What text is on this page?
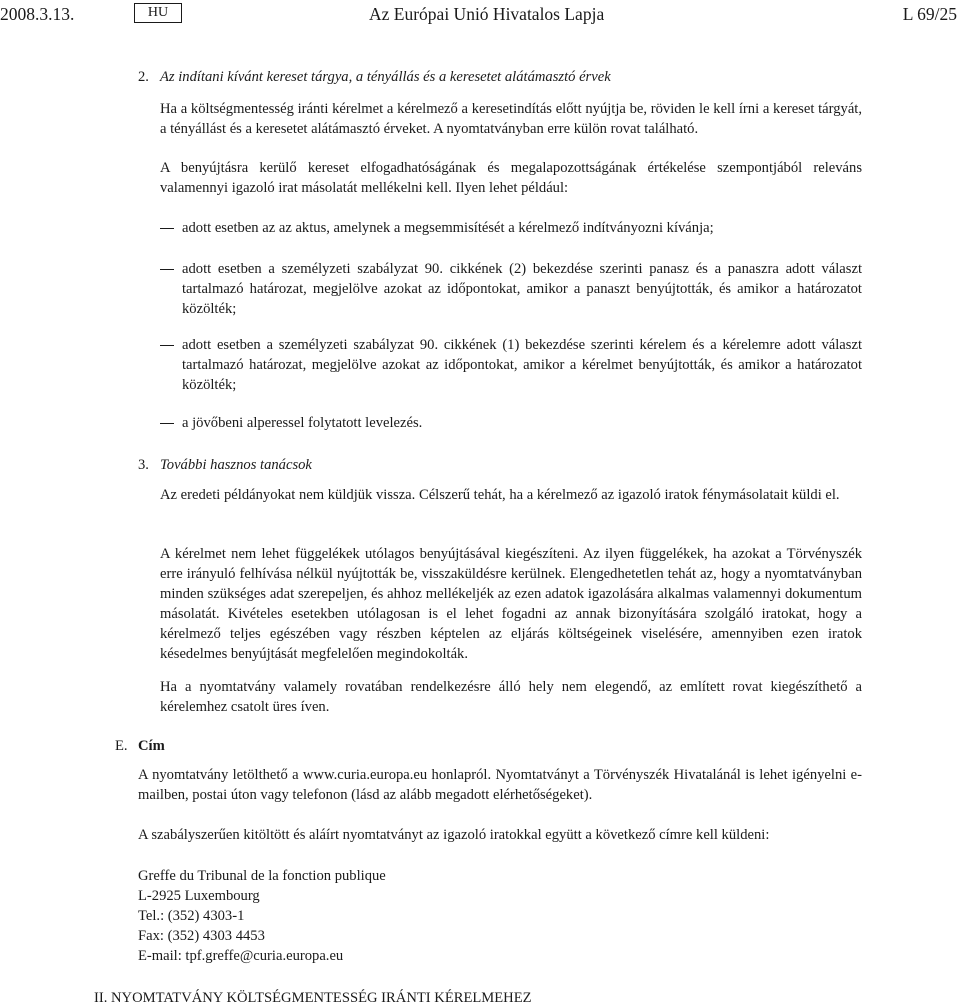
2008.3.13.	HU	Az Európai Unió Hivatalos Lapja	L 69/25
2. Az indítani kívánt kereset tárgya, a tényállás és a keresetet alátámasztó érvek

Ha a költségmentesség iránti kérelmet a kérelmező a keresetindítás előtt nyújtja be, röviden le kell írni a kereset tárgyát, a tényállást és a keresetet alátámasztó érveket. A nyomtatványban erre külön rovat található.

A benyújtásra kerülő kereset elfogadhatóságának és megalapozottságának értékelése szempontjából releváns valamennyi igazoló irat másolatát mellékelni kell. Ilyen lehet például:

adott esetben az az aktus, amelynek a megsemmisítését a kérelmező indítványozni kívánja;

adott esetben a személyzeti szabályzat 90. cikkének (2) bekezdése szerinti panasz és a panaszra adott választ tartalmazó határozat, megjelölve azokat az időpontokat, amikor a panaszt benyújtották, és amikor a határozatot közölték;

adott esetben a személyzeti szabályzat 90. cikkének (1) bekezdése szerinti kérelem és a kérelemre adott választ tartalmazó határozat, megjelölve azokat az időpontokat, amikor a kérelmet benyújtották, és amikor a határozatot közölték;

a jövőbeni alperessel folytatott levelezés.

3. További hasznos tanácsok

Az eredeti példányokat nem küldjük vissza. Célszerű tehát, ha a kérelmező az igazoló iratok fénymásolatait küldi el.

A kérelmet nem lehet függelékek utólagos benyújtásával kiegészíteni. Az ilyen függelékek, ha azokat a Törvényszék erre irányuló felhívása nélkül nyújtották be, visszaküldésre kerülnek. Elengedhetetlen tehát az, hogy a nyomtatványban minden szükséges adat szerepeljen, és ahhoz mellékeljék az ezen adatok igazolására alkalmas valamennyi dokumentum másolatát. Kivételes esetekben utólagosan is el lehet fogadni az annak bizonyítására szolgáló iratokat, hogy a kérelmező teljes egészében vagy részben képtelen az eljárás költségeinek viselésére, amennyiben ezen iratok késedelmes benyújtását megfelelően megindokolták.

Ha a nyomtatvány valamely rovatában rendelkezésre álló hely nem elegendő, az említett rovat kiegészíthető a kérelemhez csatolt üres íven.

E. Cím

A nyomtatvány letölthető a www.curia.europa.eu honlapról. Nyomtatványt a Törvényszék Hivatalánál is lehet igényelni e-mailben, postai úton vagy telefonon (lásd az alább megadott elérhetőségeket).

A szabályszerűen kitöltött és aláírt nyomtatványt az igazoló iratokkal együtt a következő címre kell küldeni:

Greffe du Tribunal de la fonction publique
L-2925 Luxembourg
Tel.: (352) 4303-1
Fax: (352) 4303 4453
E-mail: tpf.greffe@curia.europa.eu
II. NYOMTATVÁNY KÖLTSÉGMENTESSÉG IRÁNTI KÉRELMEHEZ
